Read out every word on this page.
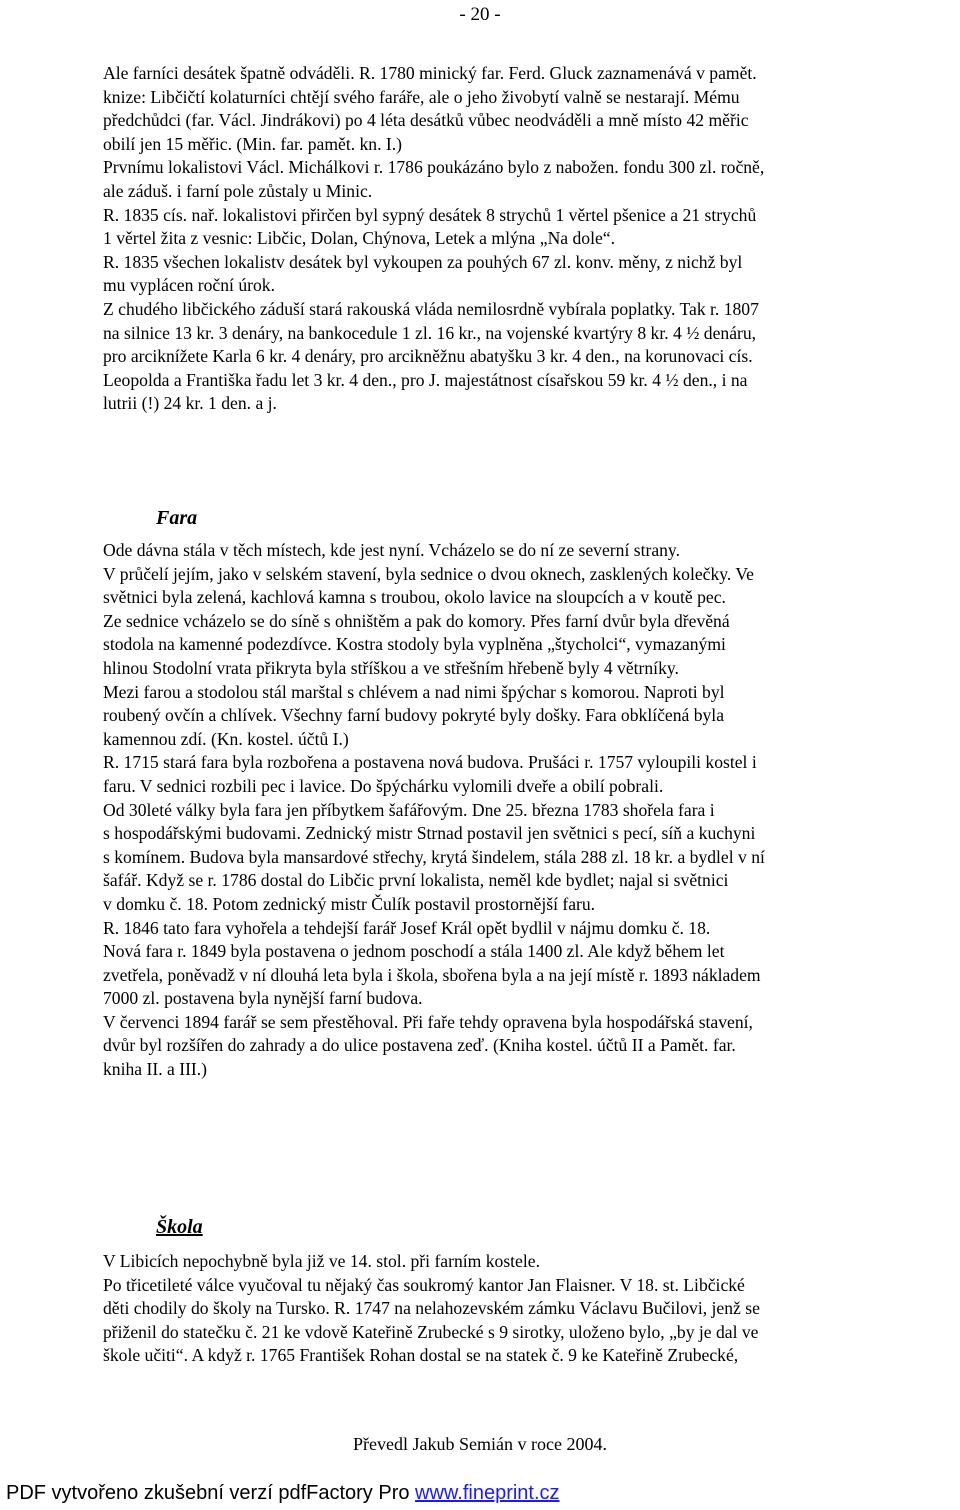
- 20 -
Ale farníci desátek špatně odváděli. R. 1780 minický far. Ferd. Gluck zaznamenává v pamět.
knize: Libčičtí kolaturníci chtějí svého faráře, ale o jeho živobytí valně se nestarají. Mému
předchůdci (far. Václ. Jindrákovi) po 4 léta desátků vůbec neodváděli a mně místo 42 měřic
obilí jen 15 měřic. (Min. far. pamět. kn. I.)
Prvnímu lokalistovi Václ. Michálkovi r. 1786 poukázáno bylo z nabožen. fondu 300 zl. ročně,
ale záduš. i farní pole zůstaly u Minic.
R. 1835 cís. nař. lokalistovi přirčen byl sypný desátek 8 strychů 1 věrtel pšenice a 21 strychů
1 věrtel žita z vesnic: Libčic, Dolan, Chýnova, Letek a mlýna „Na dole“.
R. 1835 všechen lokalistv desátek byl vykoupen za pouhých 67 zl. konv. měny, z nichž byl
mu vyplácen roční úrok.
Z chudého libčického záduší stará rakouská vláda nemilosrdně vybírala poplatky. Tak r. 1807
na silnice 13 kr. 3 denáry, na bankocedule 1 zl. 16 kr., na vojenské kvartýry 8 kr. 4 ½ denáru,
pro arciknížete Karla 6 kr. 4 denáry, pro arcikněžnu abatyšku 3 kr. 4 den., na korunovaci cís.
Leopolda a Františka řadu let 3 kr. 4 den., pro J. majestátnost císařskou 59 kr. 4 ½ den., i na
lutrii (!) 24 kr. 1 den. a j.
Fara
Ode dávna stála v těch místech, kde jest nyní. Vcházelo se do ní ze severní strany.
V průčelí jejím, jako v selském stavení, byla sednice o dvou oknech, zasklených kolečky. Ve
světnici byla zelená, kachlová kamna s troubou, okolo lavice na sloupcích a v koutě pec.
Ze sednice vcházelo se do síně s ohništěm a pak do komory. Přes farní dvůr byla dřevěná
stodola na kamenné podezdívce. Kostra stodoly byla vyplněna „štycholci“, vymazanými
hlinou Stodolní vrata přikryta byla stříškou a ve střešním hřebeně byly 4 větrníky.
Mezi farou a stodolou stál marštal s chlévem a nad nimi špýchar s komorou. Naproti byl
roubený ovčín a chlívek. Všechny farní budovy pokryté byly došky. Fara obklíčená byla
kamennou zdí. (Kn. kostel. účtů I.)
R. 1715 stará fara byla rozbořena a postavena nová budova. Prušáci r. 1757 vyloupili kostel i
faru. V sednici rozbili pec i lavice. Do špýchárku vylomili dveře a obilí pobrali.
Od 30leté války byla fara jen příbytkem šafářovým. Dne 25. března 1783 shořela fara i
s hospodářskými budovami. Zednický mistr Strnad postavil jen světnici s pecí, síň a kuchyni
s komínem. Budova byla mansardové střechy, krytá šindelem, stála 288 zl. 18 kr. a bydlel v ní
šafář. Když se r. 1786 dostal do Libčic první lokalista, neměl kde bydlet; najal si světnici
v domku č. 18. Potom zednický mistr Čulík postavil prostornější faru.
R. 1846 tato fara vyhořela a tehdejší farář Josef Král opět bydlil v nájmu domku č. 18.
Nová fara r. 1849 byla postavena o jednom poschodí a stála 1400 zl. Ale když během let
zvetřela, poněvadž v ní dlouhá leta byla i škola, sbořena byla a na její místě r. 1893 nákladem
7000 zl. postavena byla nynější farní budova.
V červenci 1894 farář se sem přestěhoval. Při faře tehdy opravena byla hospodářská stavení,
dvůr byl rozšířen do zahrady a do ulice postavena zeď. (Kniha kostel. účtů II a Pamět. far.
kniha II. a III.)
Škola
V Libicích nepochybně byla již ve 14. stol. při farním kostele.
Po třicetileté válce vyučoval tu nějaký čas soukromý kantor Jan Flaisner. V 18. st. Libčické
děti chodily do školy na Tursko. R. 1747 na nelahozevském zámku Václavu Bučilovi, jenž se
přiženil do statečku č. 21 ke vdově Kateřině Zrubecké s 9 sirotky, uloženo bylo, „by je dal ve
škole učiti“. A když r. 1765 František Rohan dostal se na statek č. 9 ke Kateřině Zrubecké,
Převedl Jakub Semián v roce 2004.
PDF vytvořeno zkušební verzí pdfFactory Pro www.fineprint.cz
